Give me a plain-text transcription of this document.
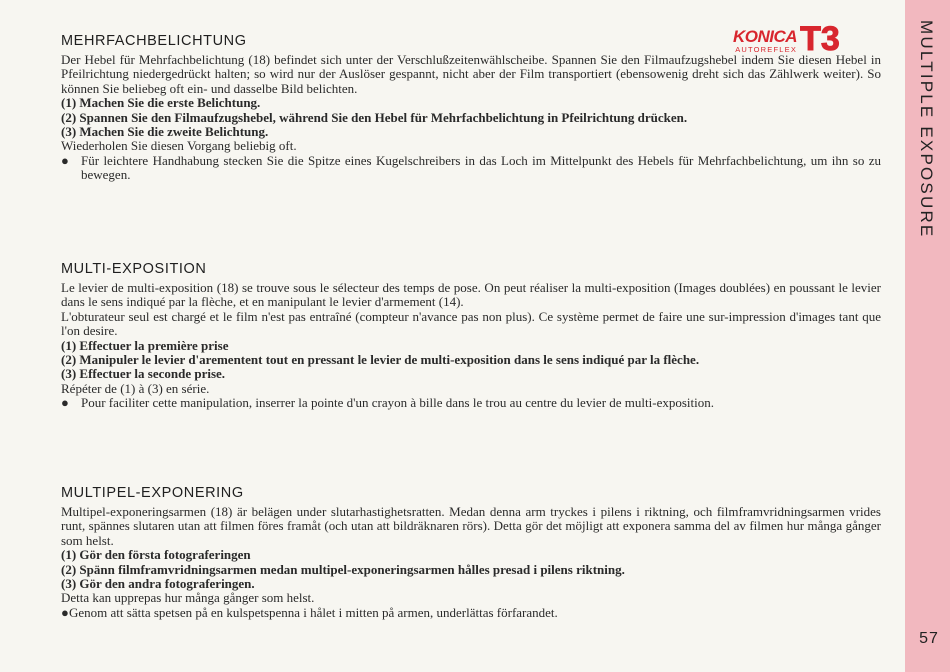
KONICA
AUTOREFLEX T3
MEHRFACHBELICHTUNG

Der Hebel für Mehrfachbelichtung (18) befindet sich unter der Verschlußzeitenwählscheibe. Spannen Sie den Filmaufzugshebel indem Sie diesen Hebel in Pfeilrichtung niedergedrückt halten; so wird nur der Auslöser gespannt, nicht aber der Film transportiert (ebensowenig dreht sich das Zählwerk weiter). So können Sie beliebeg oft ein- und dasselbe Bild belichten.

(1) Machen Sie die erste Belichtung.

(2) Spannen Sie den Filmaufzugshebel, während Sie den Hebel für Mehrfachbelichtung in Pfeilrichtung drücken.

(3) Machen Sie die zweite Belichtung.

Wiederholen Sie diesen Vorgang beliebig oft.

● Für leichtere Handhabung stecken Sie die Spitze eines Kugelschreibers in das Loch im Mittelpunkt des Hebels für Mehrfachbelichtung, um ihn so zu bewegen.
MULTI-EXPOSITION

Le levier de multi-exposition (18) se trouve sous le sélecteur des temps de pose. On peut réaliser la multi-exposition (Images doublées) en poussant le levier dans le sens indiqué par la flèche, et en manipulant le levier d'armement (14).

L'obturateur seul est chargé et le film n'est pas entraîné (compteur n'avance pas non plus). Ce système permet de faire une sur-impression d'images tant que l'on desire.

(1) Effectuer la première prise

(2) Manipuler le levier d'arementent tout en pressant le levier de multi-exposition dans le sens indiqué par la flèche.

(3) Effectuer la seconde prise.

Répéter de (1) à (3) en série.

● Pour faciliter cette manipulation, inserrer la pointe d'un crayon à bille dans le trou au centre du levier de multi-exposition.
MULTIPEL-EXPONERING

Multipel-exponeringsarmen (18) är belägen under slutarhastighetsratten. Medan denna arm tryckes i pilens i riktning, och filmframvridningsarmen vrides runt, spännes slutaren utan att filmen föres framåt (och utan att bildräknaren rörs). Detta gör det möjligt att exponera samma del av filmen hur många gånger som helst.

(1) Gör den första fotograferingen

(2) Spänn filmframvridningsarmen medan multipel-exponeringsarmen hålles presad i pilens riktning.

(3) Gör den andra fotograferingen.

Detta kan upprepas hur många gånger som helst.

● Genom att sätta spetsen på en kulspetspenna i hålet i mitten på armen, underlättas förfarandet.
MULTIPLE EXPOSURE
57
